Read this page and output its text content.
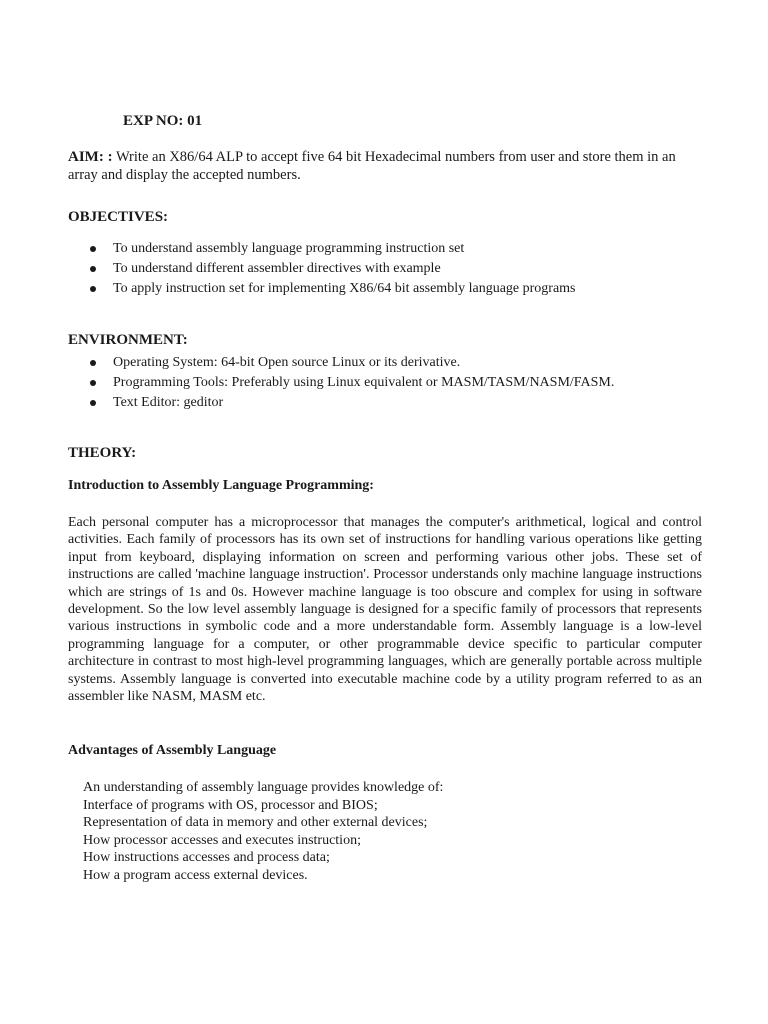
EXP NO: 01

AIM: : Write an X86/64 ALP to accept five 64 bit Hexadecimal numbers from user and store them in an array and display the accepted numbers.

OBJECTIVES:
To understand assembly language programming instruction set
To understand different assembler directives with example
To apply instruction set for implementing X86/64 bit assembly language programs
ENVIRONMENT:
Operating System: 64-bit Open source Linux or its derivative.
Programming Tools: Preferably using Linux equivalent or MASM/TASM/NASM/FASM.
Text Editor: geditor
THEORY:
Introduction to Assembly Language Programming:

Each personal computer has a microprocessor that manages the computer's arithmetical, logical and control activities. Each family of processors has its own set of instructions for handling various operations like getting input from keyboard, displaying information on screen and performing various other jobs. These set of instructions are called 'machine language instruction'. Processor understands only machine language instructions which are strings of 1s and 0s. However machine language is too obscure and complex for using in software development. So the low level assembly language is designed for a specific family of processors that represents various instructions in symbolic code and a more understandable form. Assembly language is a low-level programming language for a computer, or other programmable device specific to particular computer architecture in contrast to most high-level programming languages, which are generally portable across multiple systems. Assembly language is converted into executable machine code by a utility program referred to as an assembler like NASM, MASM etc.

Advantages of Assembly Language
An understanding of assembly language provides knowledge of:
Interface of programs with OS, processor and BIOS;
Representation of data in memory and other external devices;
How processor accesses and executes instruction;
How instructions accesses and process data;
How a program access external devices.
